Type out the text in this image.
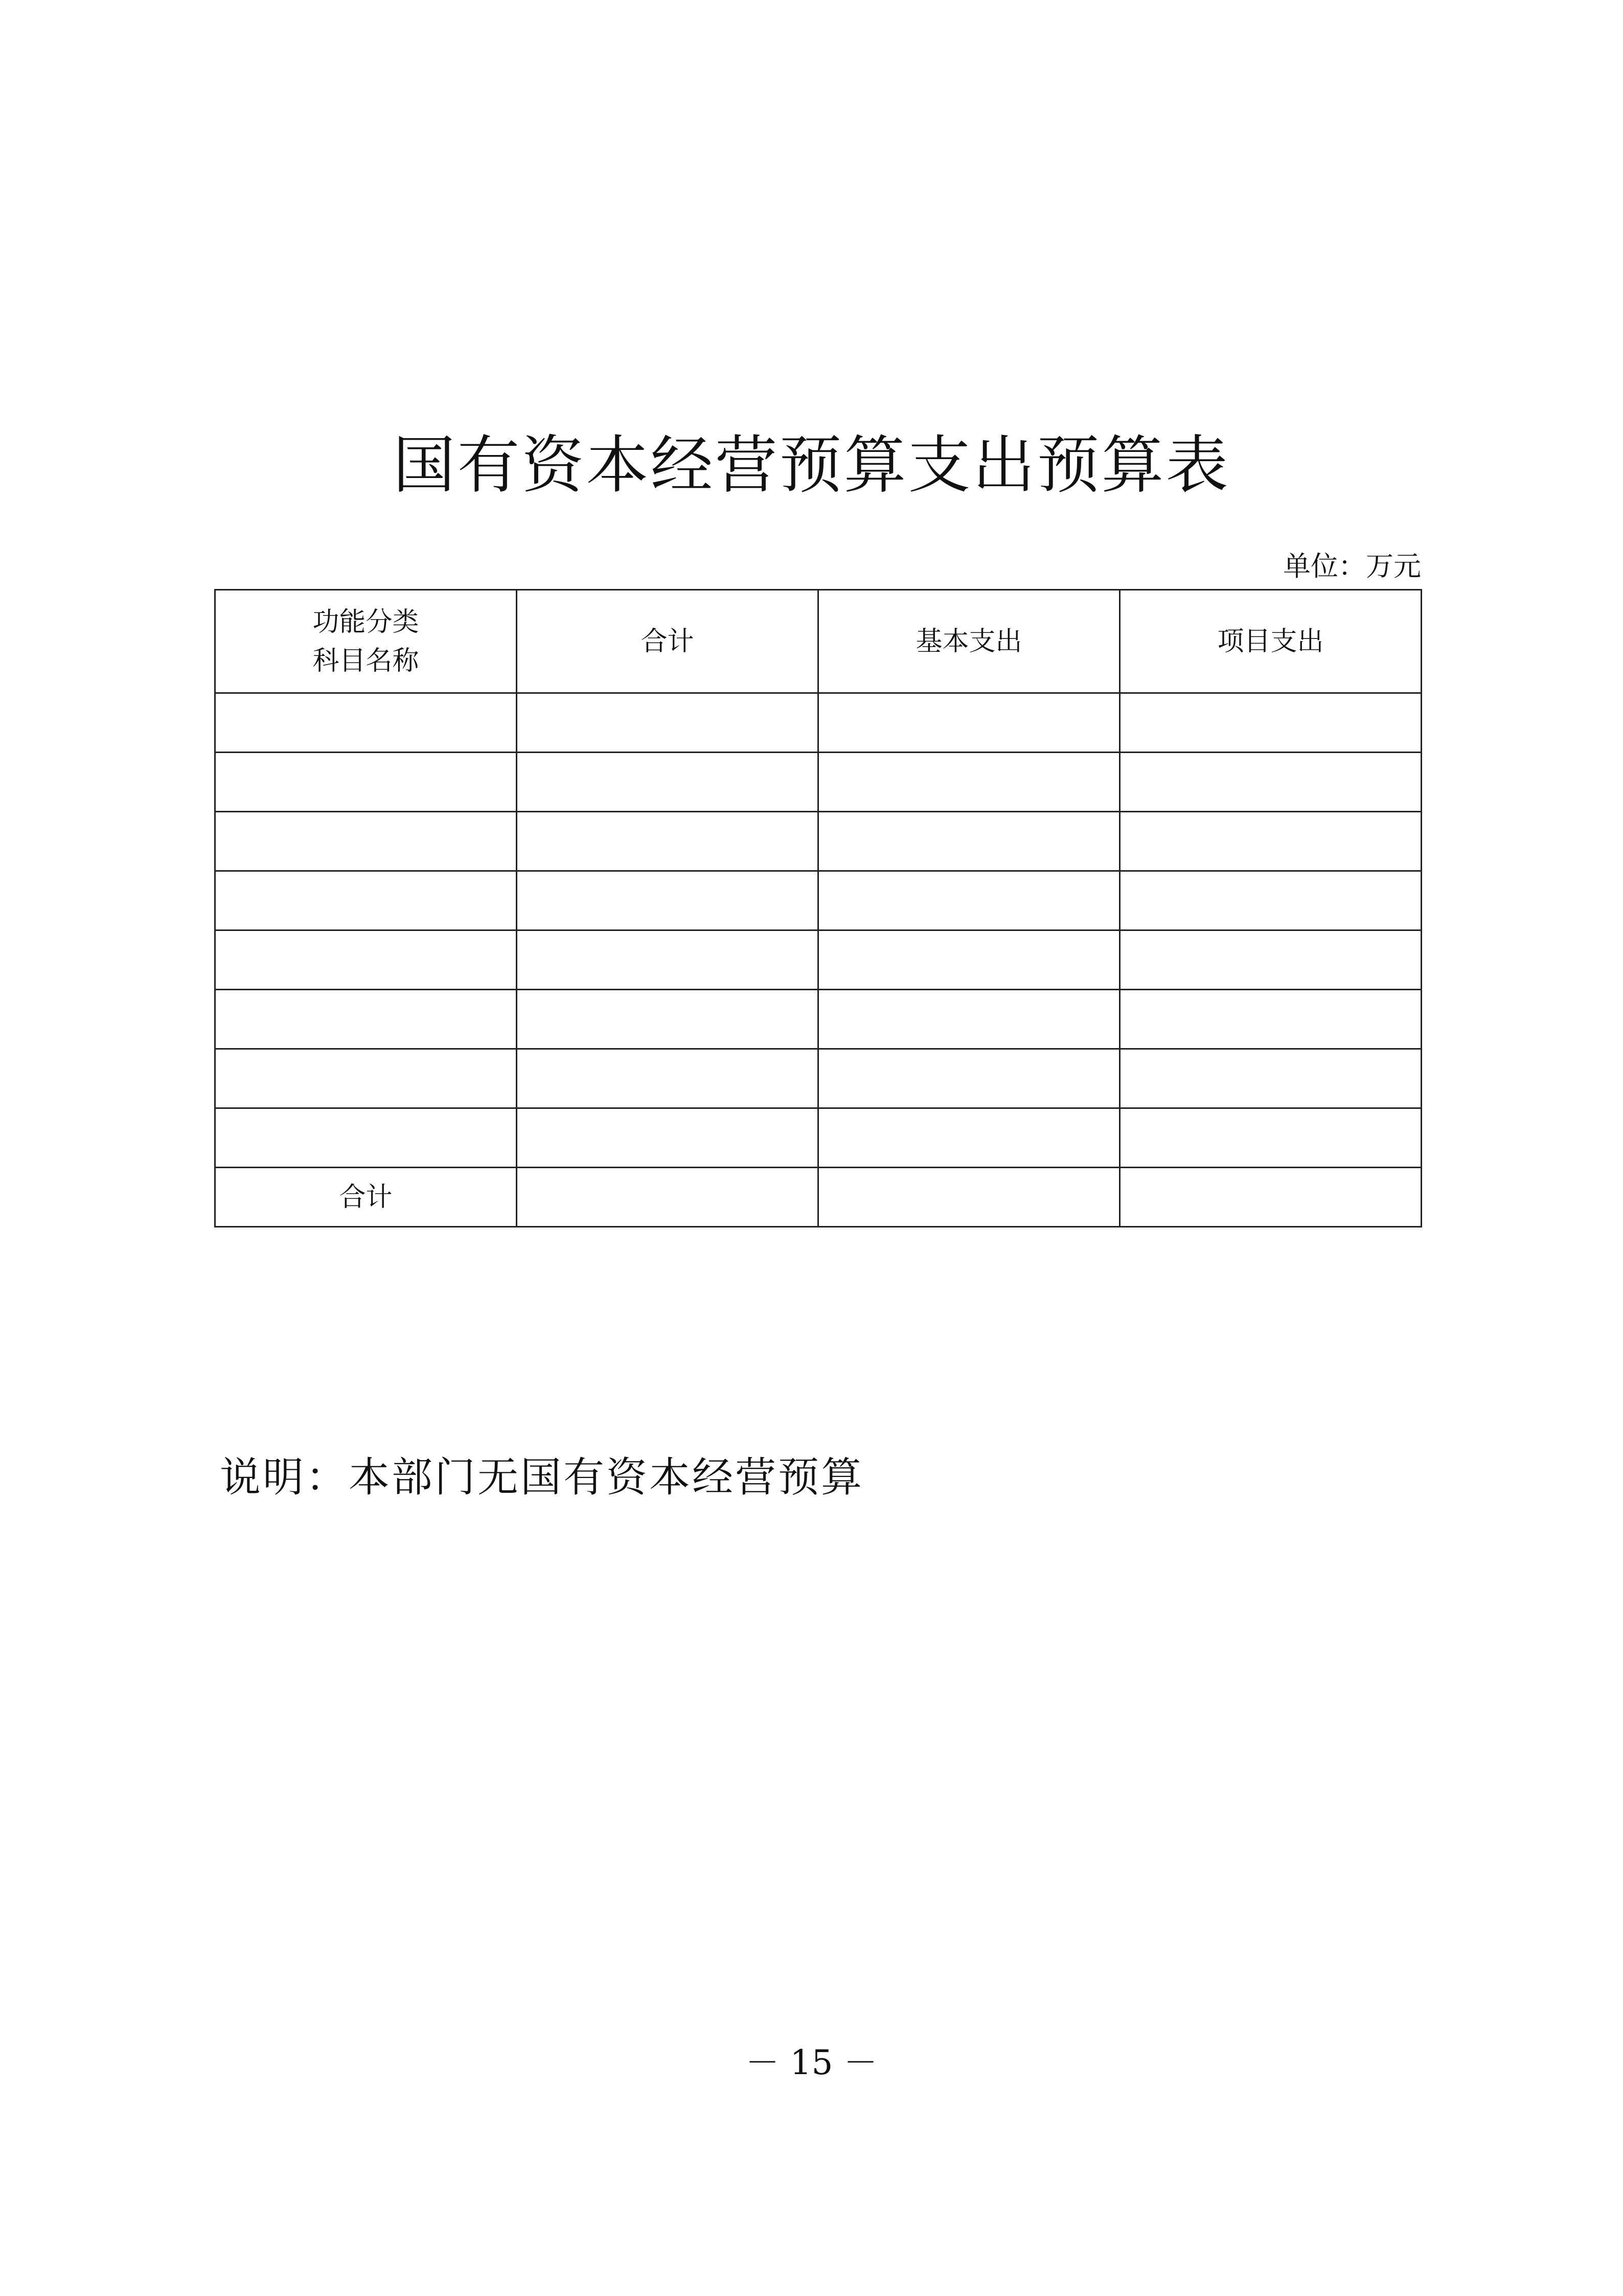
国有资本经营预算支出预算表
单位：万元
功能分类
科目名称	合计	基本支出	项目支出

合计			
说明：本部门无国有资本经营预算
－ 15 －
